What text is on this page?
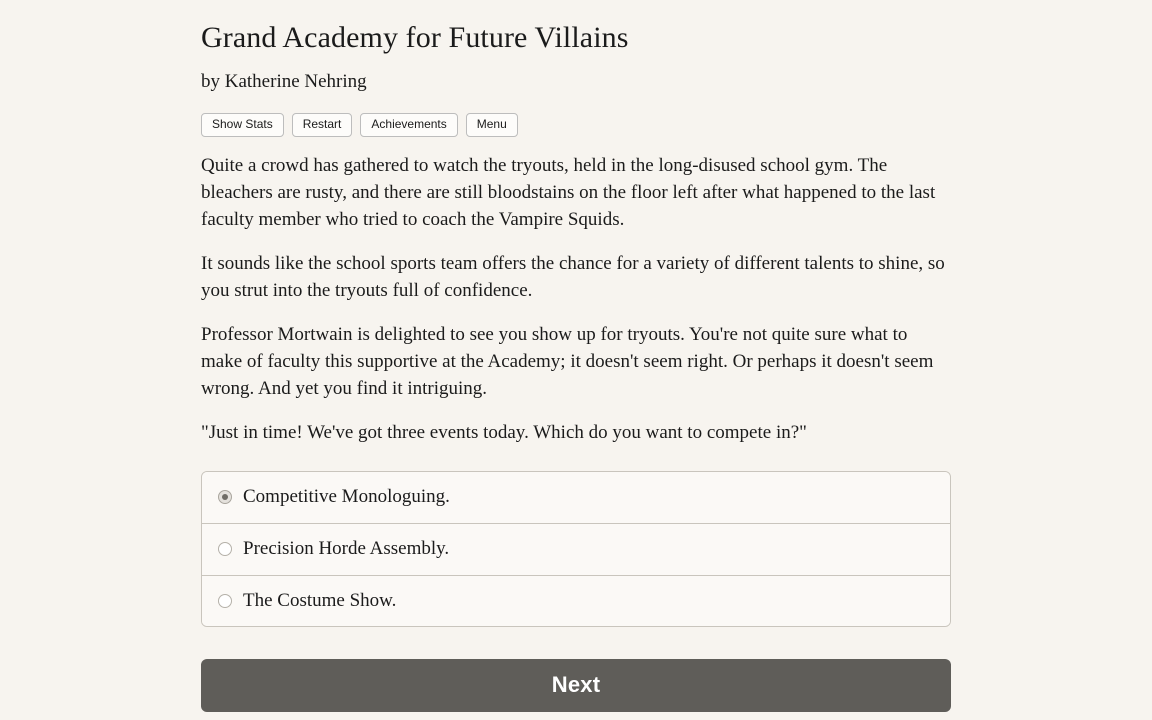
Grand Academy for Future Villains
by Katherine Nehring
Show Stats	Restart	Achievements	Menu

Quite a crowd has gathered to watch the tryouts, held in the long-disused school gym. The bleachers are rusty, and there are still bloodstains on the floor left after what happened to the last faculty member who tried to coach the Vampire Squids.

It sounds like the school sports team offers the chance for a variety of different talents to shine, so you strut into the tryouts full of confidence.

Professor Mortwain is delighted to see you show up for tryouts. You're not quite sure what to make of faculty this supportive at the Academy; it doesn't seem right. Or perhaps it doesn't seem wrong. And yet you find it intriguing.

"Just in time! We've got three events today. Which do you want to compete in?"

Competitive Monologuing.
Precision Horde Assembly.
The Costume Show.
Next
